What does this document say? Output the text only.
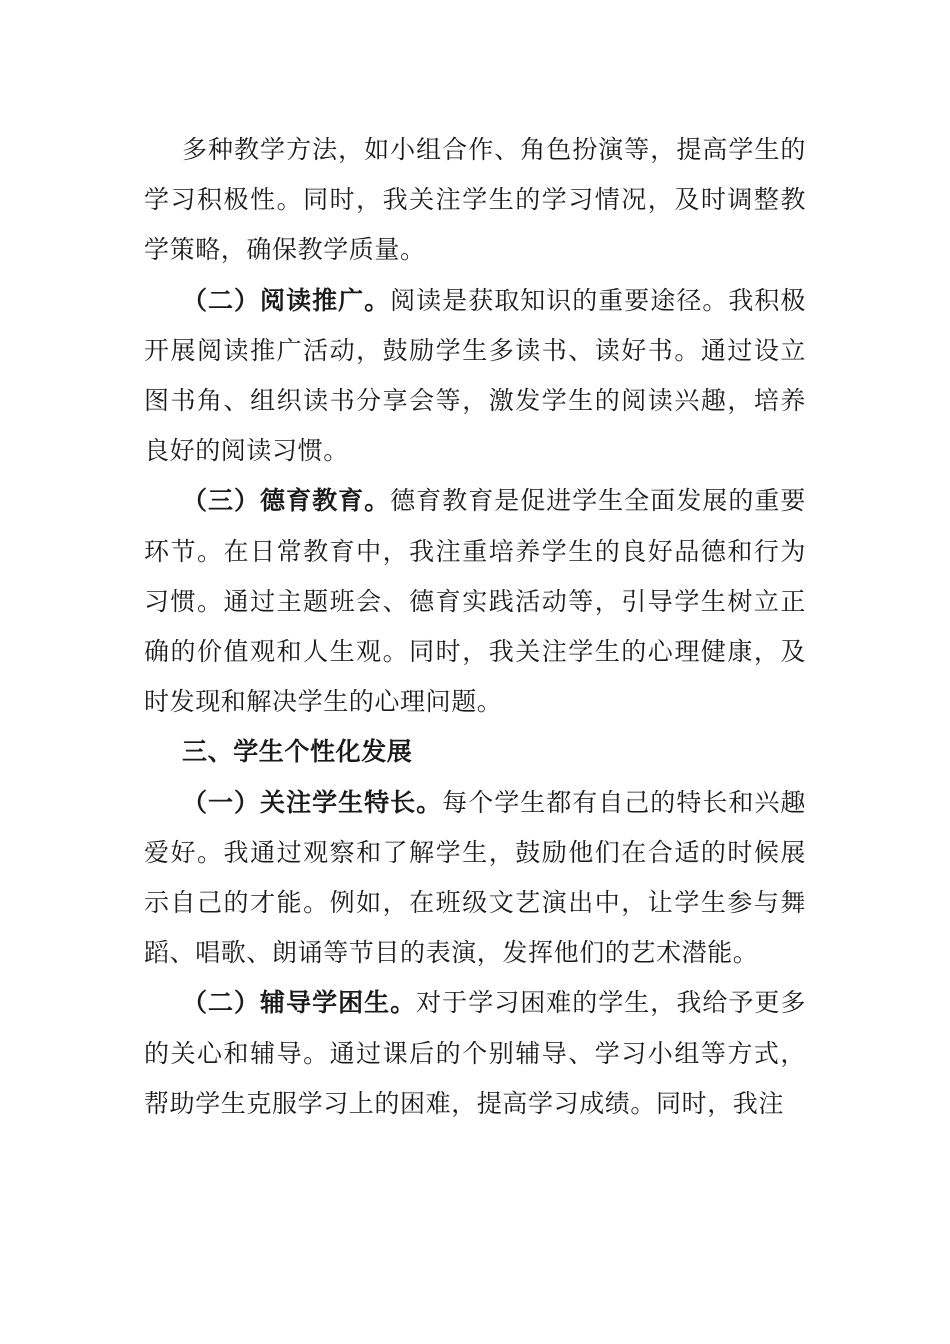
多种教学方法，如小组合作、角色扮演等，提高学生的学习积极性。同时，我关注学生的学习情况，及时调整教学策略，确保教学质量。

（二）阅读推广。阅读是获取知识的重要途径。我积极开展阅读推广活动，鼓励学生多读书、读好书。通过设立图书角、组织读书分享会等，激发学生的阅读兴趣，培养良好的阅读习惯。

（三）德育教育。德育教育是促进学生全面发展的重要环节。在日常教育中，我注重培养学生的良好品德和行为习惯。通过主题班会、德育实践活动等，引导学生树立正确的价值观和人生观。同时，我关注学生的心理健康，及时发现和解决学生的心理问题。

三、学生个性化发展

（一）关注学生特长。每个学生都有自己的特长和兴趣爱好。我通过观察和了解学生，鼓励他们在合适的时候展示自己的才能。例如，在班级文艺演出中，让学生参与舞蹈、唱歌、朗诵等节目的表演，发挥他们的艺术潜能。

（二）辅导学困生。对于学习困难的学生，我给予更多的关心和辅导。通过课后的个别辅导、学习小组等方式，帮助学生克服学习上的困难，提高学习成绩。同时，我注
